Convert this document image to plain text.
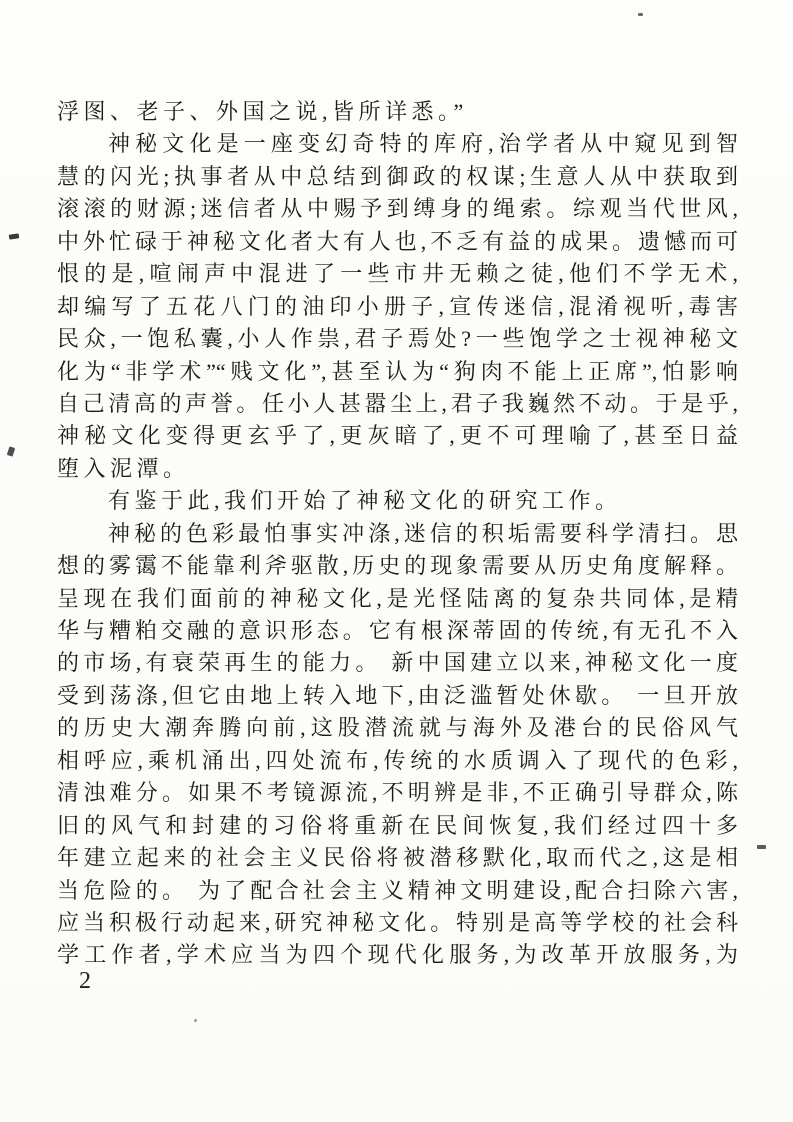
浮图、老子、外国之说,皆所详悉。”
神秘文化是一座变幻奇特的库府,治学者从中窥见到智
慧的闪光;执事者从中总结到御政的权谋;生意人从中获取到
滚滚的财源;迷信者从中赐予到缚身的绳索。综观当代世风,
中外忙碌于神秘文化者大有人也,不乏有益的成果。遗憾而可
恨的是,喧闹声中混进了一些市井无赖之徒,他们不学无术,
却编写了五花八门的油印小册子,宣传迷信,混淆视听,毒害
民众,一饱私囊,小人作祟,君子焉处?一些饱学之士视神秘文
化为“非学术”“贱文化”,甚至认为“狗肉不能上正席”,怕影响
自己清高的声誉。任小人甚嚣尘上,君子我巍然不动。于是乎,
神秘文化变得更玄乎了,更灰暗了,更不可理喻了,甚至日益
堕入泥潭。
有鉴于此,我们开始了神秘文化的研究工作。
神秘的色彩最怕事实冲涤,迷信的积垢需要科学清扫。思
想的雾霭不能靠利斧驱散,历史的现象需要从历史角度解释。
呈现在我们面前的神秘文化,是光怪陆离的复杂共同体,是精
华与糟粕交融的意识形态。它有根深蒂固的传统,有无孔不入
的市场,有衰荣再生的能力。 新中国建立以来,神秘文化一度
受到荡涤,但它由地上转入地下,由泛滥暂处休歇。 一旦开放
的历史大潮奔腾向前,这股潜流就与海外及港台的民俗风气
相呼应,乘机涌出,四处流布,传统的水质调入了现代的色彩,
清浊难分。如果不考镜源流,不明辨是非,不正确引导群众,陈
旧的风气和封建的习俗将重新在民间恢复,我们经过四十多
年建立起来的社会主义民俗将被潜移默化,取而代之,这是相
当危险的。 为了配合社会主义精神文明建设,配合扫除六害,
应当积极行动起来,研究神秘文化。特别是高等学校的社会科
学工作者,学术应当为四个现代化服务,为改革开放服务,为
2
